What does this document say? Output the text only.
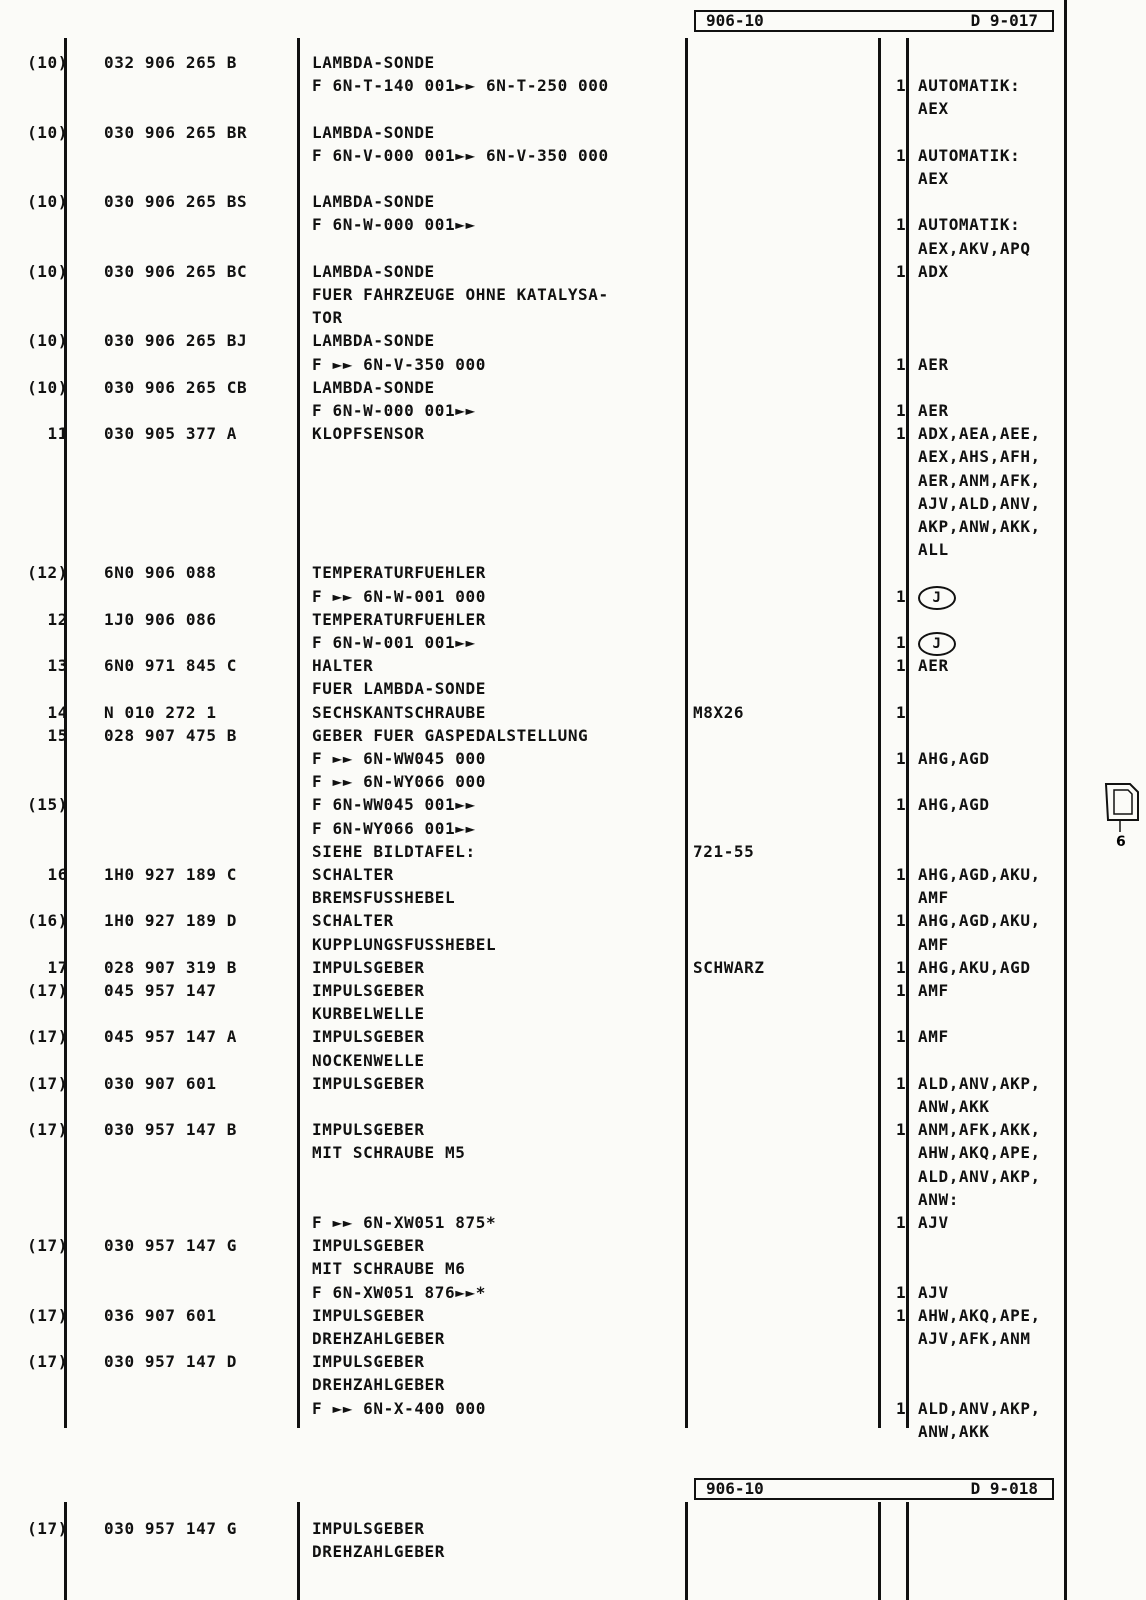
906-10	D 9-017
(10) 032 906 265 B	LAMBDA-SONDE
F 6N-T-140 001►► 6N-T-250 000	1 AUTOMATIK:
AEX
(10) 030 906 265 BR	LAMBDA-SONDE
F 6N-V-000 001►► 6N-V-350 000	1 AUTOMATIK:
AEX
(10) 030 906 265 BS	LAMBDA-SONDE
F 6N-W-000 001►►	1 AUTOMATIK:
AEX,AKV,APQ
(10) 030 906 265 BC	LAMBDA-SONDE	1 ADX
FUER FAHRZEUGE OHNE KATALYSA-
TOR
(10) 030 906 265 BJ	LAMBDA-SONDE
F ►► 6N-V-350 000	1 AER
(10) 030 906 265 CB	LAMBDA-SONDE
F 6N-W-000 001►►	1 AER
11 030 905 377 A	KLOPFSENSOR	1 ADX,AEA,AEE,
AEX,AHS,AFH,
AER,ANM,AFK,
AJV,ALD,ANV,
AKP,ANW,AKK,
ALL
(12) 6N0 906 088	TEMPERATURFUEHLER
F ►► 6N-W-001 000	1	J
12 1J0 906 086	TEMPERATURFUEHLER
F 6N-W-001 001►►	1	J
13 6N0 971 845 C	HALTER	1 AER
FUER LAMBDA-SONDE
14 N 010 272 1	SECHSKANTSCHRAUBE	M8X26	1
15 028 907 475 B	GEBER FUER GASPEDALSTELLUNG
F ►► 6N-WW045 000	1 AHG,AGD
F ►► 6N-WY066 000
(15)	F 6N-WW045 001►►	1 AHG,AGD
F 6N-WY066 001►►
SIEHE BILDTAFEL:	721-55
16 1H0 927 189 C	SCHALTER	1 AHG,AGD,AKU,
BREMSFUSSHEBEL	AMF
(16) 1H0 927 189 D	SCHALTER	1 AHG,AGD,AKU,
KUPPLUNGSFUSSHEBEL	AMF
17 028 907 319 B	IMPULSGEBER	SCHWARZ	1 AHG,AKU,AGD
(17) 045 957 147	IMPULSGEBER	1 AMF
KURBELWELLE
(17) 045 957 147 A	IMPULSGEBER	1 AMF
NOCKENWELLE
(17) 030 907 601	IMPULSGEBER	1 ALD,ANV,AKP,
ANW,AKK
(17) 030 957 147 B	IMPULSGEBER	1 ANM,AFK,AKK,
MIT SCHRAUBE M5	AHW,AKQ,APE,
ALD,ANV,AKP,
ANW:
F ►► 6N-XW051 875*	1 AJV
(17) 030 957 147 G	IMPULSGEBER
MIT SCHRAUBE M6
F 6N-XW051 876►►*	1 AJV
(17) 036 907 601	IMPULSGEBER	1 AHW,AKQ,APE,
DREHZAHLGEBER	AJV,AFK,ANM
(17) 030 957 147 D	IMPULSGEBER
DREHZAHLGEBER
F ►► 6N-X-400 000	1 ALD,ANV,AKP,
ANW,AKK
906-10	D 9-018
(17) 030 957 147 G	IMPULSGEBER
DREHZAHLGEBER
6
